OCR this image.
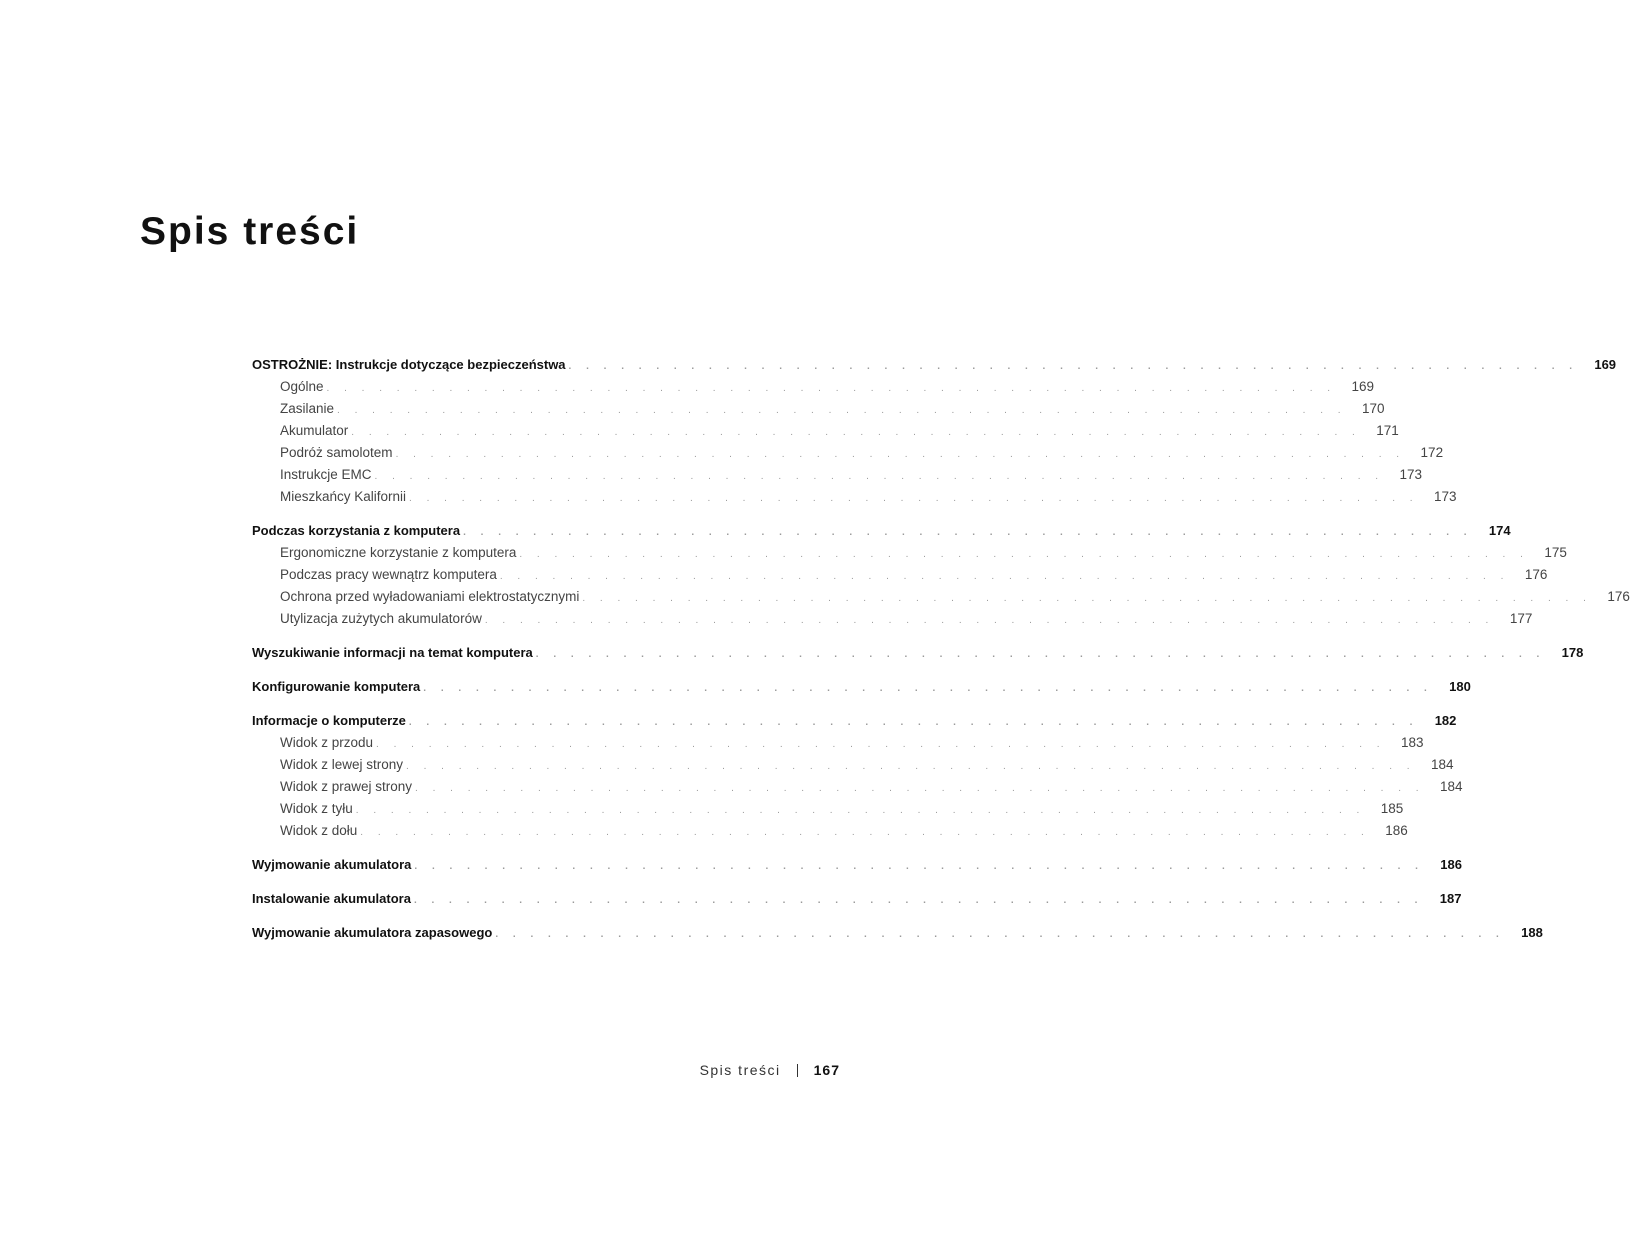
Spis treści
OSTROŻNIE: Instrukcje dotyczące bezpieczeństwa . . . . . . . . . . . . . . . . . . . . . . . . . . . . . . . . . . . . . . . . . . . . . . . . . . . . . . . . . .	169
Ogólne . . . . . . . . . . . . . . . . . . . . . . . . . . . . . . . . . . . . . . . . . . . . . . . . . . . . . . . . . .	169
Zasilanie . . . . . . . . . . . . . . . . . . . . . . . . . . . . . . . . . . . . . . . . . . . . . . . . . . . . . . . . . .	170
Akumulator . . . . . . . . . . . . . . . . . . . . . . . . . . . . . . . . . . . . . . . . . . . . . . . . . . . . . . . . . .	171
Podróż samolotem . . . . . . . . . . . . . . . . . . . . . . . . . . . . . . . . . . . . . . . . . . . . . . . . . . . . . . . . . .	172
Instrukcje EMC . . . . . . . . . . . . . . . . . . . . . . . . . . . . . . . . . . . . . . . . . . . . . . . . . . . . . . . . . .	173
Mieszkańcy Kalifornii . . . . . . . . . . . . . . . . . . . . . . . . . . . . . . . . . . . . . . . . . . . . . . . . . . . . . . . . . .	173
Podczas korzystania z komputera . . . . . . . . . . . . . . . . . . . . . . . . . . . . . . . . . . . . . . . . . . . . . . . . . . . . . . . . . .	174
Ergonomiczne korzystanie z komputera . . . . . . . . . . . . . . . . . . . . . . . . . . . . . . . . . . . . . . . . . . . . . . . . . . . . . . . . . .	175
Podczas pracy wewnątrz komputera . . . . . . . . . . . . . . . . . . . . . . . . . . . . . . . . . . . . . . . . . . . . . . . . . . . . . . . . . .	176
Ochrona przed wyładowaniami elektrostatycznymi . . . . . . . . . . . . . . . . . . . . . . . . . . . . . . . . . . . . . . . . . . . . . . . . . . . . . . . . . .	176
Utylizacja zużytych akumulatorów . . . . . . . . . . . . . . . . . . . . . . . . . . . . . . . . . . . . . . . . . . . . . . . . . . . . . . . . . .	177
Wyszukiwanie informacji na temat komputera . . . . . . . . . . . . . . . . . . . . . . . . . . . . . . . . . . . . . . . . . . . . . . . . . . . . . . . . . .	178
Konfigurowanie komputera . . . . . . . . . . . . . . . . . . . . . . . . . . . . . . . . . . . . . . . . . . . . . . . . . . . . . . . . . .	180
Informacje o komputerze . . . . . . . . . . . . . . . . . . . . . . . . . . . . . . . . . . . . . . . . . . . . . . . . . . . . . . . . . .	182
Widok z przodu . . . . . . . . . . . . . . . . . . . . . . . . . . . . . . . . . . . . . . . . . . . . . . . . . . . . . . . . . .	183
Widok z lewej strony . . . . . . . . . . . . . . . . . . . . . . . . . . . . . . . . . . . . . . . . . . . . . . . . . . . . . . . . . .	184
Widok z prawej strony . . . . . . . . . . . . . . . . . . . . . . . . . . . . . . . . . . . . . . . . . . . . . . . . . . . . . . . . . .	184
Widok z tyłu . . . . . . . . . . . . . . . . . . . . . . . . . . . . . . . . . . . . . . . . . . . . . . . . . . . . . . . . . .	185
Widok z dołu . . . . . . . . . . . . . . . . . . . . . . . . . . . . . . . . . . . . . . . . . . . . . . . . . . . . . . . . . .	186
Wyjmowanie akumulatora . . . . . . . . . . . . . . . . . . . . . . . . . . . . . . . . . . . . . . . . . . . . . . . . . . . . . . . . . .	186
Instalowanie akumulatora . . . . . . . . . . . . . . . . . . . . . . . . . . . . . . . . . . . . . . . . . . . . . . . . . . . . . . . . . .	187
Wyjmowanie akumulatora zapasowego . . . . . . . . . . . . . . . . . . . . . . . . . . . . . . . . . . . . . . . . . . . . . . . . . . . . . . . . . .	188
Spis treści 167
